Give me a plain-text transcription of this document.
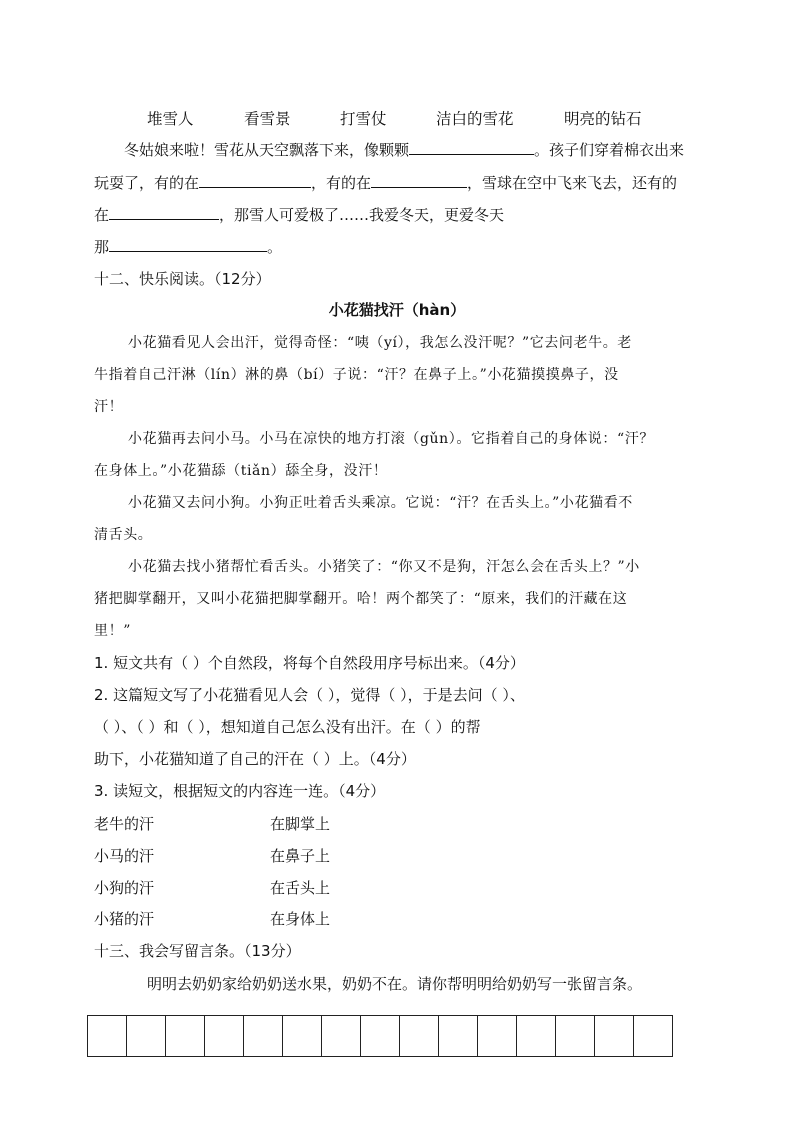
堆雪人	看雪景	打雪仗	洁白的雪花	明亮的钻石
冬姑娘来啦！雪花从天空飘落下来，像颗颗	。孩子们穿着棉衣出来
玩耍了，有的在	，有的在	，雪球在空中飞来飞去，还有的
在	，那雪人可爱极了……我爱冬天，更爱冬天
那	。
十二、快乐阅读。（12分）
小花猫找汗（hàn）
小花猫看见人会出汗，觉得奇怪：“咦（yí），我怎么没汗呢？”它去问老牛。老
牛指着自己汗淋（lín）淋的鼻（bí）子说：“汗？在鼻子上。”小花猫摸摸鼻子，没
汗！
小花猫再去问小马。小马在凉快的地方打滚（gǔn）。它指着自己的身体说：“汗？
在身体上。”小花猫舔（tiǎn）舔全身，没汗！
小花猫又去问小狗。小狗正吐着舌头乘凉。它说：“汗？在舌头上。”小花猫看不
清舌头。
小花猫去找小猪帮忙看舌头。小猪笑了：“你又不是狗，汗怎么会在舌头上？”小
猪把脚掌翻开，又叫小花猫把脚掌翻开。哈！两个都笑了：“原来，我们的汗藏在这
里！”
1. 短文共有（ ）个自然段，将每个自然段用序号标出来。（4分）
2. 这篇短文写了小花猫看见人会（ ），觉得（ ），于是去问（ ）、
（ ）、（ ）和（ ），想知道自己怎么没有出汗。在（ ）的帮
助下，小花猫知道了自己的汗在（ ）上。（4分）
3. 读短文，根据短文的内容连一连。（4分）
老牛的汗	在脚掌上
小马的汗	在鼻子上
小狗的汗	在舌头上
小猪的汗	在身体上
十三、我会写留言条。（13分）
明明去奶奶家给奶奶送水果，奶奶不在。请你帮明明给奶奶写一张留言条。
